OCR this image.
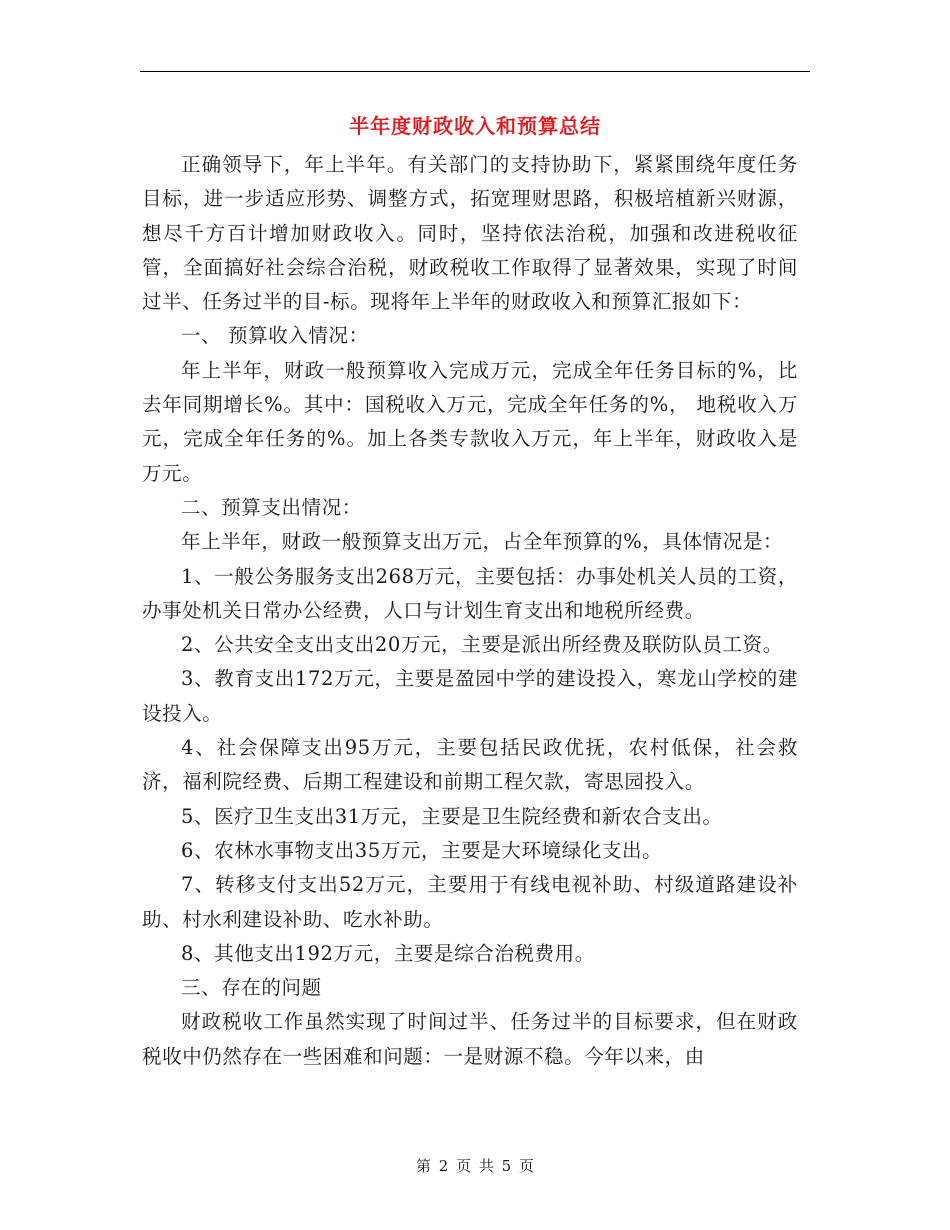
半年度财政收入和预算总结

正确领导下，年上半年。有关部门的支持协助下，紧紧围绕年度任务目标，进一步适应形势、调整方式，拓宽理财思路，积极培植新兴财源，想尽千方百计增加财政收入。同时，坚持依法治税，加强和改进税收征管，全面搞好社会综合治税，财政税收工作取得了显著效果，实现了时间过半、任务过半的目-标。现将年上半年的财政收入和预算汇报如下：

一、 预算收入情况：

年上半年，财政一般预算收入完成万元，完成全年任务目标的%，比去年同期增长%。其中：国税收入万元，完成全年任务的%， 地税收入万元，完成全年任务的%。加上各类专款收入万元，年上半年，财政收入是万元。

二、预算支出情况：

年上半年，财政一般预算支出万元，占全年预算的%，具体情况是：

1、一般公务服务支出268万元，主要包括：办事处机关人员的工资，办事处机关日常办公经费，人口与计划生育支出和地税所经费。

2、公共安全支出支出20万元，主要是派出所经费及联防队员工资。

3、教育支出172万元，主要是盈园中学的建设投入，寒龙山学校的建设投入。

4、社会保障支出95万元，主要包括民政优抚，农村低保，社会救济，福利院经费、后期工程建设和前期工程欠款，寄思园投入。

5、医疗卫生支出31万元，主要是卫生院经费和新农合支出。

6、农林水事物支出35万元，主要是大环境绿化支出。

7、转移支付支出52万元，主要用于有线电视补助、村级道路建设补助、村水利建设补助、吃水补助。

8、其他支出192万元，主要是综合治税费用。

三、存在的问题

财政税收工作虽然实现了时间过半、任务过半的目标要求，但在财政税收中仍然存在一些困难和问题：一是财源不稳。今年以来，由

第 2 页 共 5 页
